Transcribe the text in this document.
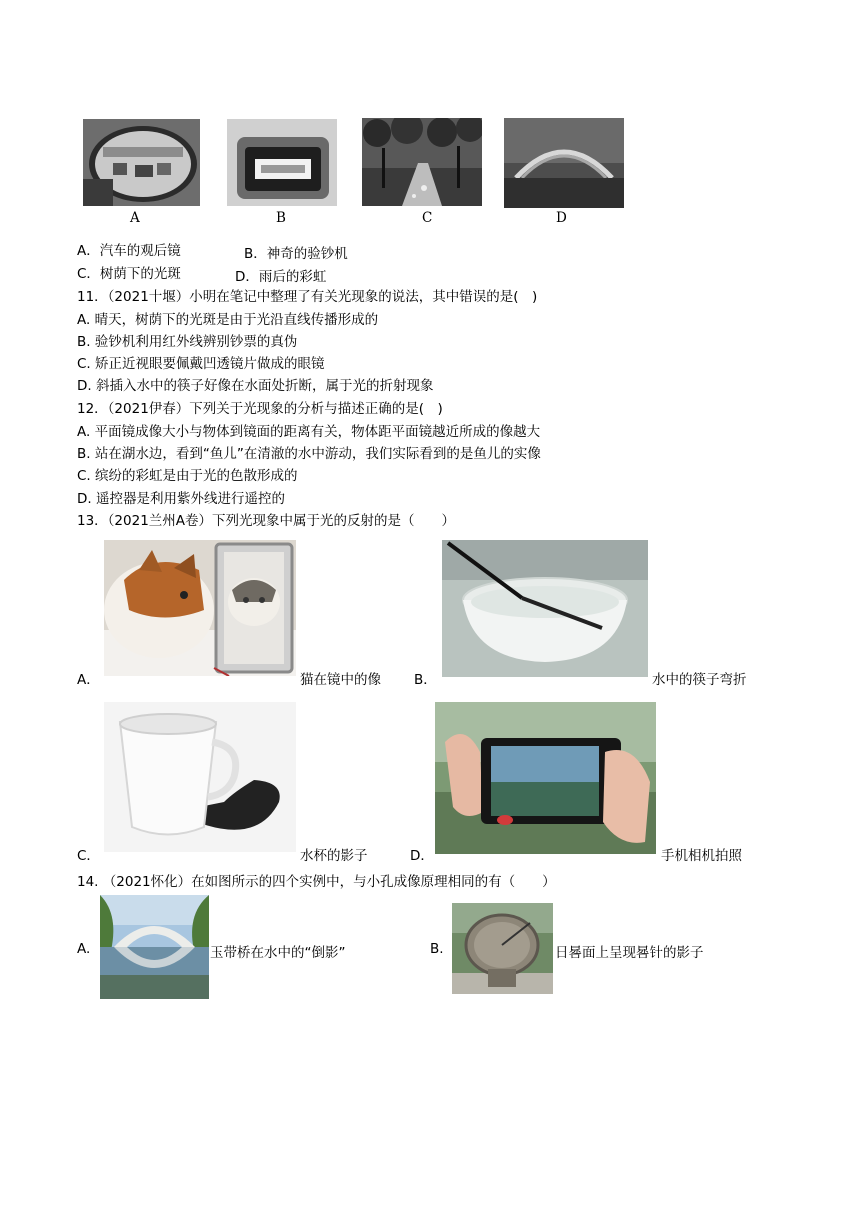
A	B	C	D
A．汽车的观后镜	B．神奇的验钞机
C．树荫下的光斑	D．雨后的彩虹
11．（2021十堰）小明在笔记中整理了有关光现象的说法，其中错误的是(　)
A. 晴天，树荫下的光斑是由于光沿直线传播形成的
B. 验钞机利用红外线辨别钞票的真伪
C. 矫正近视眼要佩戴凹透镜片做成的眼镜
D. 斜插入水中的筷子好像在水面处折断，属于光的折射现象
12．（2021伊春）下列关于光现象的分析与描述正确的是(　)
A. 平面镜成像大小与物体到镜面的距离有关，物体距平面镜越近所成的像越大
B. 站在湖水边，看到“鱼儿”在清澈的水中游动，我们实际看到的是鱼儿的实像
C. 缤纷的彩虹是由于光的色散形成的
D. 遥控器是利用紫外线进行遥控的
13．（2021兰州A卷）下列光现象中属于光的反射的是（　　）
A．	猫在镜中的像 B．	水中的筷子弯折
C．	水杯的影子	D．	手机相机拍照
14. （2021怀化）在如图所示的四个实例中，与小孔成像原理相同的有（　　）
A.	玉带桥在水中的“倒影”	B.	日晷面上呈现晷针的影子
